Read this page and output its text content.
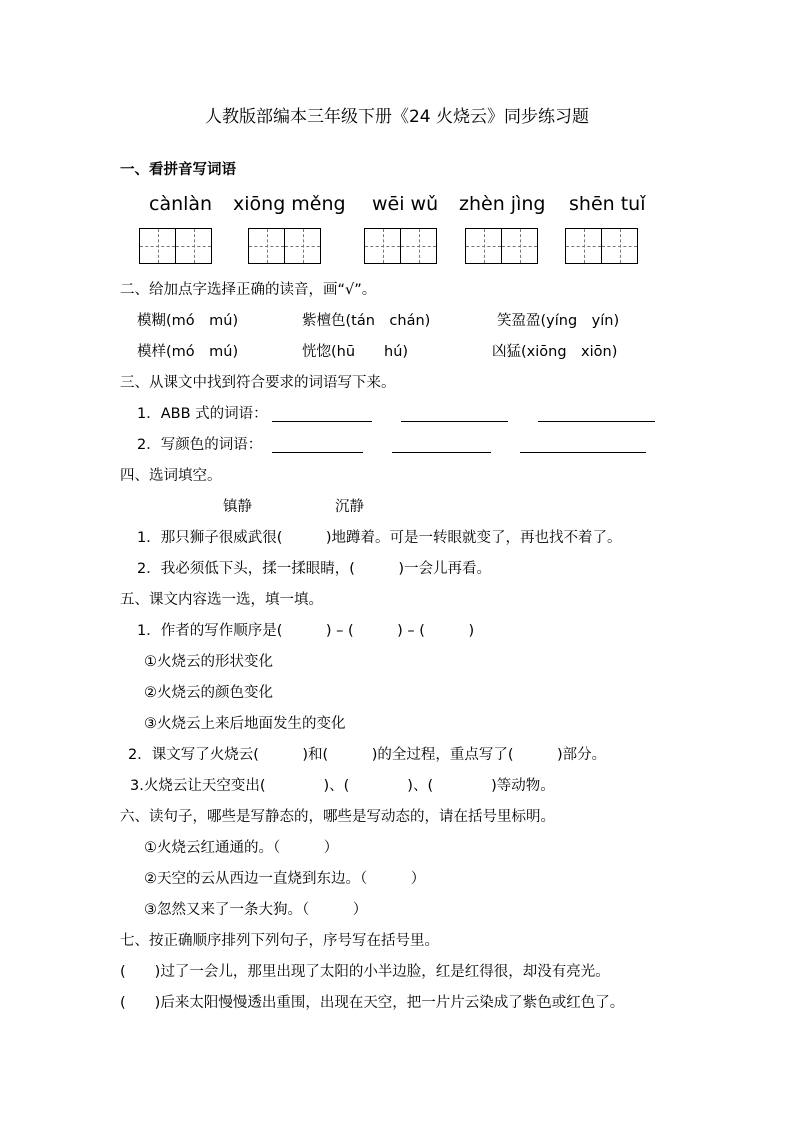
人教版部编本三年级下册《24 火烧云》同步练习题
一、看拼音写词语
cànlàn xiōng měng wēi wǔ zhèn jìng shēn tuǐ
二、给加点字选择正确的读音，画“√”。
模糊(mó　mú)	紫檀色(tán　chán)	笑盈盈(yíng　yín)
模样(mó　mú)	恍惚(hū　　hú)	凶猛(xiōng　xiōn)
三、从课文中找到符合要求的词语写下来。
1．ABB 式的词语：
2．写颜色的词语：
四、选词填空。
镇静	沉静
1．那只狮子很威武很(　　　)地蹲着。可是一转眼就变了，再也找不着了。
2．我必须低下头，揉一揉眼睛，(　　　)一会儿再看。
五、课文内容选一选，填一填。
1．作者的写作顺序是(　　　) – (　　　) – (　　　)
①火烧云的形状变化
②火烧云的颜色变化
③火烧云上来后地面发生的变化
2．课文写了火烧云(　　　)和(　　　)的全过程，重点写了(　　　)部分。
3.火烧云让天空变出(　　　　)、(　　　　)、(　　　　)等动物。
六、读句子，哪些是写静态的，哪些是写动态的，请在括号里标明。
①火烧云红通通的。（　　　）
②天空的云从西边一直烧到东边。（　　　）
③忽然又来了一条大狗。（　　　）
七、按正确顺序排列下列句子，序号写在括号里。
(　　)过了一会儿，那里出现了太阳的小半边脸，红是红得很，却没有亮光。
(　　)后来太阳慢慢透出重围，出现在天空，把一片片云染成了紫色或红色了。
